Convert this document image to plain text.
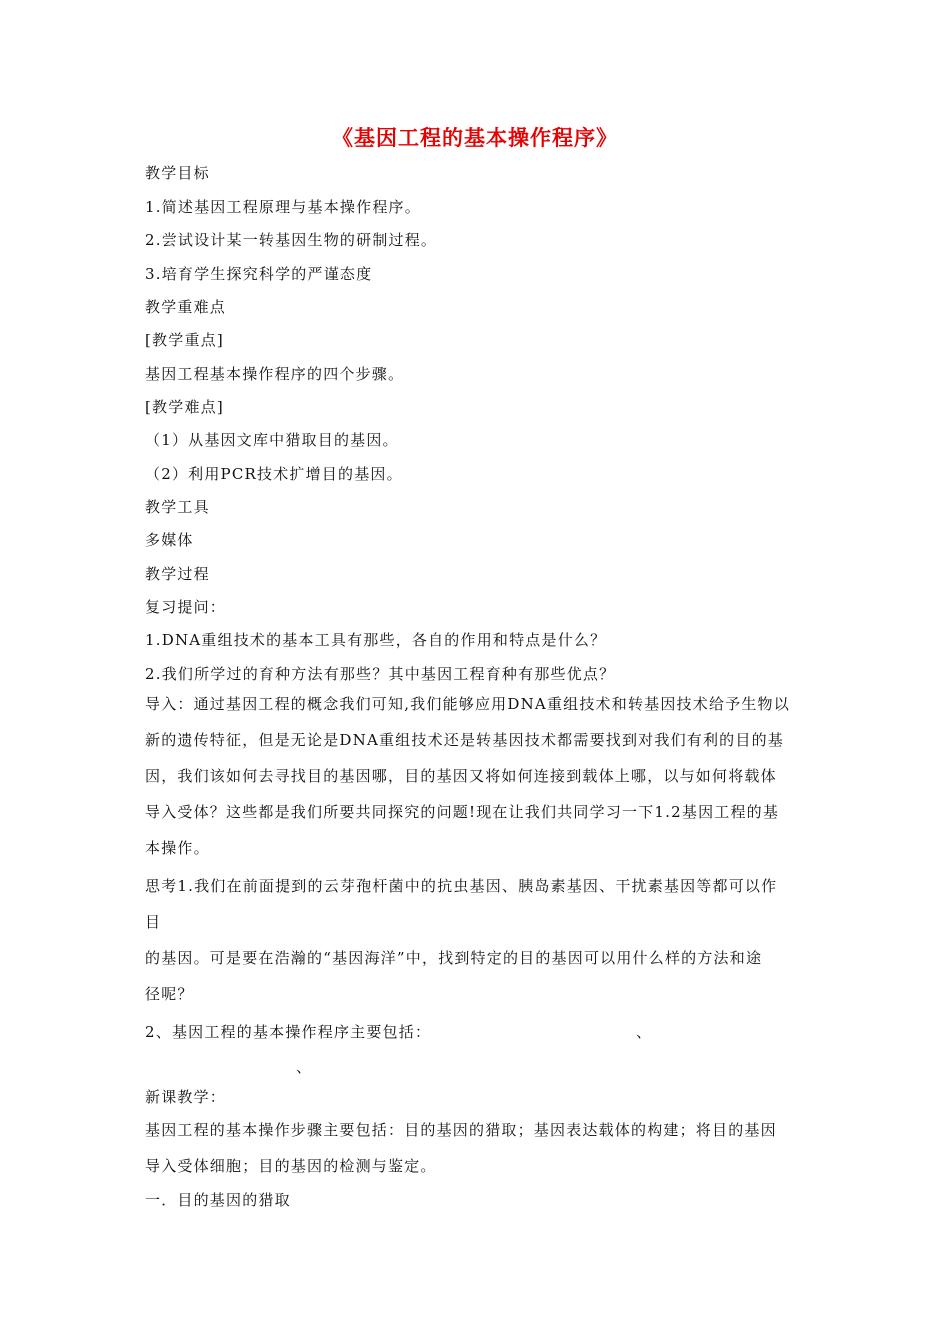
《基因工程的基本操作程序》
教学目标
1.简述基因工程原理与基本操作程序。
2.尝试设计某一转基因生物的研制过程。
3.培育学生探究科学的严谨态度
教学重难点
[教学重点]
基因工程基本操作程序的四个步骤。
[教学难点]
（1）从基因文库中猎取目的基因。
（2）利用PCR技术扩增目的基因。
教学工具
多媒体
教学过程
复习提问：
1.DNA重组技术的基本工具有那些，各自的作用和特点是什么？
2.我们所学过的育种方法有那些？其中基因工程育种有那些优点？
导入：通过基因工程的概念我们可知,我们能够应用DNA重组技术和转基因技术给予生物以
新的遗传特征，但是无论是DNA重组技术还是转基因技术都需要找到对我们有利的目的基
因，我们该如何去寻找目的基因哪，目的基因又将如何连接到载体上哪，以与如何将载体
导入受体？这些都是我们所要共同探究的问题!现在让我们共同学习一下1.2基因工程的基
本操作。
思考1.我们在前面提到的云芽孢杆菌中的抗虫基因、胰岛素基因、干扰素基因等都可以作
目
的基因。可是要在浩瀚的“基因海洋”中，找到特定的目的基因可以用什么样的方法和途
径呢？
2、基因工程的基本操作程序主要包括：	、
、
新课教学：
基因工程的基本操作步骤主要包括：目的基因的猎取；基因表达载体的构建；将目的基因
导入受体细胞；目的基因的检测与鉴定。
一．目的基因的猎取
